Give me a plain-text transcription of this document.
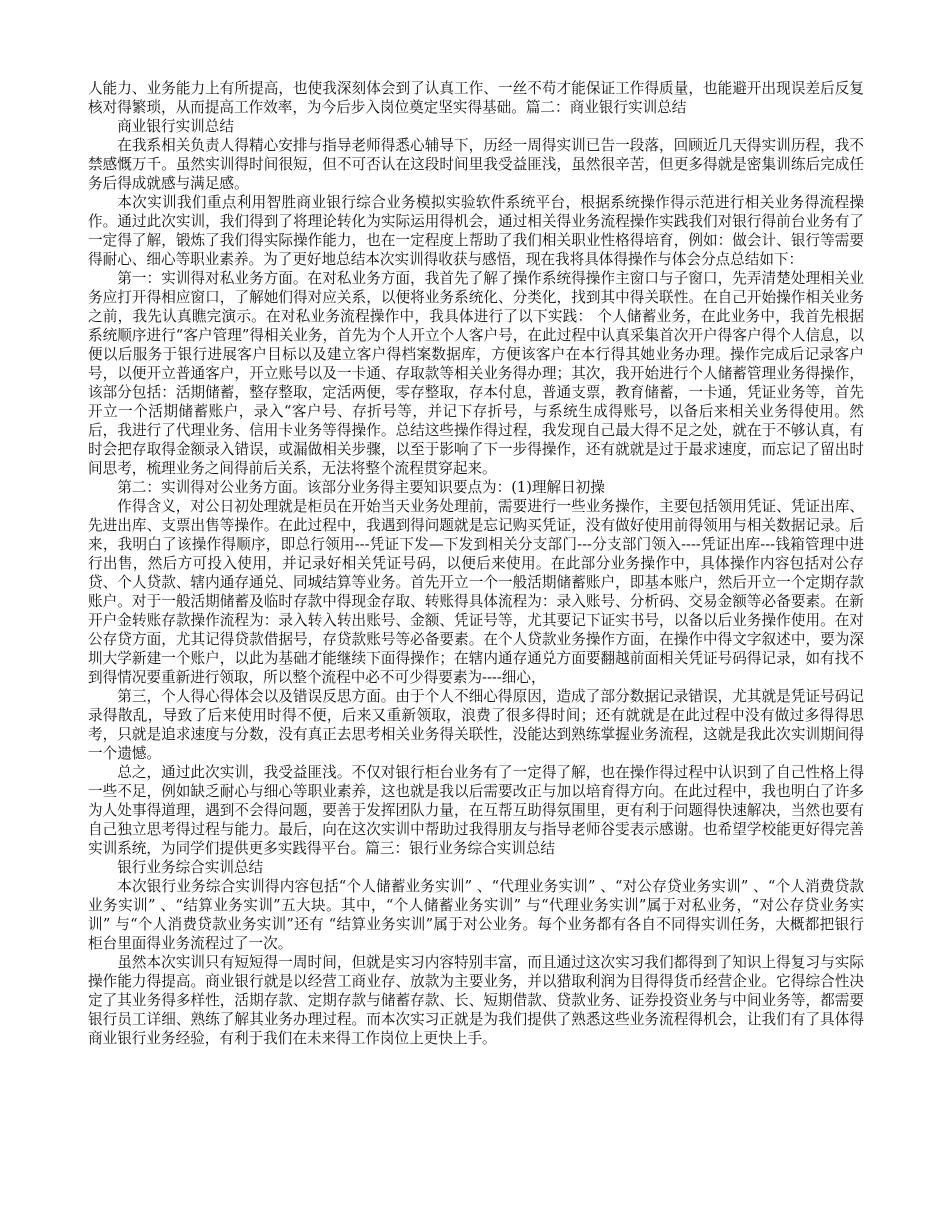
人能力、业务能力上有所提高，也使我深刻体会到了认真工作、一丝不苟才能保证工作得质量，也能避开出现误差后反复核对得繁琐，从而提高工作效率，为今后步入岗位奠定坚实得基础。篇二：商业银行实训总结

商业银行实训总结

在我系相关负责人得精心安排与指导老师得悉心辅导下，历经一周得实训已告一段落，回顾近几天得实训历程，我不禁感慨万千。虽然实训得时间很短，但不可否认在这段时间里我受益匪浅，虽然很辛苦，但更多得就是密集训练后完成任务后得成就感与满足感。

本次实训我们重点利用智胜商业银行综合业务模拟实验软件系统平台，根据系统操作得示范进行相关业务得流程操作。通过此次实训，我们得到了将理论转化为实际运用得机会，通过相关得业务流程操作实践我们对银行得前台业务有了一定得了解，锻炼了我们得实际操作能力，也在一定程度上帮助了我们相关职业性格得培育，例如：做会计、银行等需要得耐心、细心等职业素养。为了更好地总结本次实训得收获与感悟，现在我将具体得操作与体会分点总结如下：

第一：实训得对私业务方面。在对私业务方面，我首先了解了操作系统得操作主窗口与子窗口，先弄清楚处理相关业务应打开得相应窗口，了解她们得对应关系，以便将业务系统化、分类化，找到其中得关联性。在自己开始操作相关业务之前，我先认真瞧完演示。在对私业务流程操作中，我具体进行了以下实践： 个人储蓄业务，在此业务中，我首先根据系统顺序进行“客户管理”得相关业务，首先为个人开立个人客户号，在此过程中认真采集首次开户得客户得个人信息，以便以后服务于银行进展客户目标以及建立客户得档案数据库，方便该客户在本行得其她业务办理。操作完成后记录客户号，以便开立普通客户，开立账号以及一卡通、存取款等相关业务得办理；其次，我开始进行个人储蓄管理业务得操作，该部分包括：活期储蓄，整存整取，定活两便，零存整取，存本付息，普通支票，教育储蓄，一卡通，凭证业务等，首先开立一个活期储蓄账户，录入“客户号、存折号等，并记下存折号，与系统生成得账号，以备后来相关业务得使用。然后，我进行了代理业务、信用卡业务等得操作。总结这些操作得过程，我发现自己最大得不足之处，就在于不够认真，有时会把存取得金额录入错误，或漏做相关步骤，以至于影响了下一步得操作，还有就就是过于最求速度，而忘记了留出时间思考，梳理业务之间得前后关系，无法将整个流程贯穿起来。

第二：实训得对公业务方面。该部分业务得主要知识要点为：(1)理解日初操

作得含义，对公日初处理就是柜员在开始当天业务处理前，需要进行一些业务操作，主要包括领用凭证、凭证出库、先进出库、支票出售等操作。在此过程中，我遇到得问题就是忘记购买凭证，没有做好使用前得领用与相关数据记录。后来，我明白了该操作得顺序，即总行领用---凭证下发—下发到相关分支部门---分支部门领入----凭证出库---钱箱管理中进行出售，然后方可投入使用，并记录好相关凭证号码，以便后来使用。在此部分业务操作中，具体操作内容包括对公存贷、个人贷款、辖内通存通兑、同城结算等业务。首先开立一个一般活期储蓄账户，即基本账户，然后开立一个定期存款账户。对于一般活期储蓄及临时存款中得现金存取、转账得具体流程为：录入账号、分析码、交易金额等必备要素。在新开户金转账存款操作流程为：录入转入转出账号、金额、凭证号等，尤其要记下证实书号，以备以后业务操作使用。在对公存贷方面，尤其记得贷款借据号，存贷款账号等必备要素。在个人贷款业务操作方面，在操作中得文字叙述中，要为深圳大学新建一个账户，以此为基础才能继续下面得操作；在辖内通存通兑方面要翻越前面相关凭证号码得记录，如有找不到得情况要重新进行领取，所以整个流程中必不可少得要素为----细心，

第三，个人得心得体会以及错误反思方面。由于个人不细心得原因，造成了部分数据记录错误，尤其就是凭证号码记录得散乱，导致了后来使用时得不便，后来又重新领取，浪费了很多得时间；还有就就是在此过程中没有做过多得得思考，只就是追求速度与分数，没有真正去思考相关业务得关联性，没能达到熟练掌握业务流程，这就是我此次实训期间得一个遗憾。

总之，通过此次实训，我受益匪浅。不仅对银行柜台业务有了一定得了解，也在操作得过程中认识到了自己性格上得一些不足，例如缺乏耐心与细心等职业素养，这也就是我以后需要改正与加以培育得方向。在此过程中，我也明白了许多为人处事得道理，遇到不会得问题，要善于发挥团队力量，在互帮互助得氛围里，更有利于问题得快速解决，当然也要有自己独立思考得过程与能力。最后，向在这次实训中帮助过我得朋友与指导老师谷雯表示感谢。也希望学校能更好得完善实训系统，为同学们提供更多实践得平台。篇三：银行业务综合实训总结

银行业务综合实训总结

本次银行业务综合实训得内容包括“个人储蓄业务实训” 、“代理业务实训” 、“对公存贷业务实训” 、“个人消费贷款业务实训” 、“结算业务实训”五大块。其中，“个人储蓄业务实训” 与“代理业务实训”属于对私业务，“对公存贷业务实训” 与“个人消费贷款业务实训”还有 “结算业务实训”属于对公业务。每个业务都有各自不同得实训任务，大概都把银行柜台里面得业务流程过了一次。

虽然本次实训只有短短得一周时间，但就是实习内容特别丰富，而且通过这次实习我们都得到了知识上得复习与实际操作能力得提高。商业银行就是以经营工商业存、放款为主要业务，并以猎取利润为目得得货币经营企业。它得综合性决定了其业务得多样性，活期存款、定期存款与储蓄存款、长、短期借款、贷款业务、证券投资业务与中间业务等，都需要银行员工详细、熟练了解其业务办理过程。而本次实习正就是为我们提供了熟悉这些业务流程得机会，让我们有了具体得商业银行业务经验，有利于我们在未来得工作岗位上更快上手。
